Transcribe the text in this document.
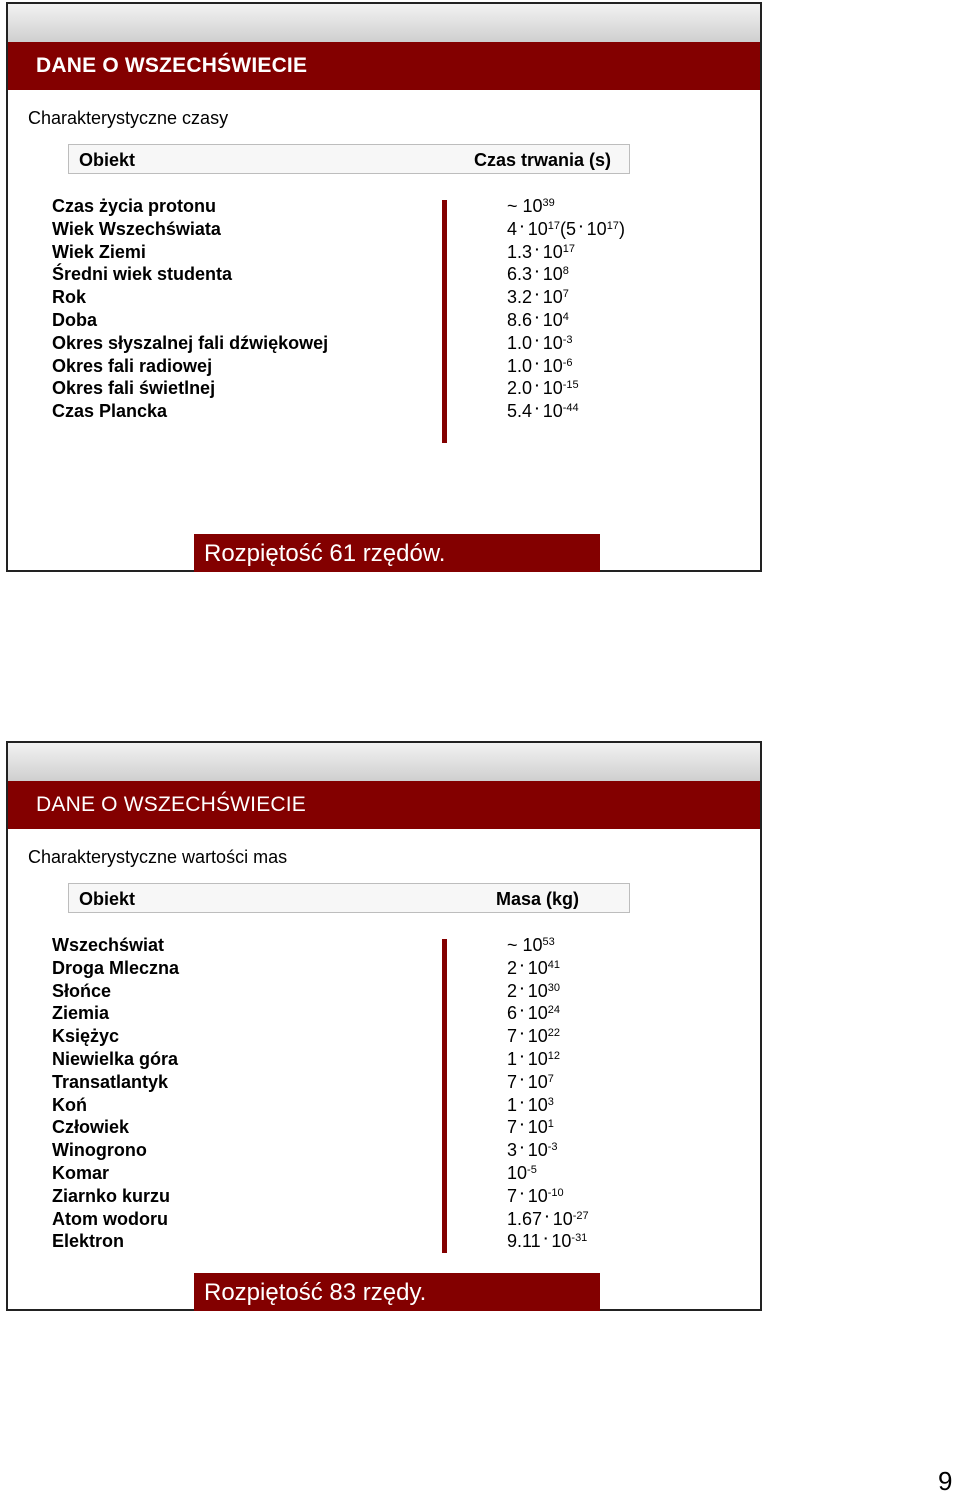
DANE O WSZECHŚWIECIE
Charakterystyczne czasy
Obiekt	Czas trwania (s)
Czas życia protonu	~ $10^{39}$
Wiek Wszechświata	4 · $10^{17}(5$ · $10^{17}$)
Wiek Ziemi	1.3 · $10^{17}$
Średni wiek studenta	6.3 · $10^8$
Rok	3.2 · $10^7$
Doba	8.6 · $10^4$
Okres słyszalnej fali dźwiękowej	1.0 · $10^{-3}$
Okres fali radiowej	1.0 · $10^{-6}$
Okres fali świetlnej	2.0 · $10^{-15}$
Czas Plancka	5.4 · $10^{-44}$
Rozpiętość 61 rzędów.
DANE O WSZECHŚWIECIE
Charakterystyczne wartości mas
Obiekt	Masa (kg)
Wszechświat	~ $10^{53}$
Droga Mleczna	2 · $10^{41}$
Słońce	2 · $10^{30}$
Ziemia	6 · $10^{24}$
Księżyc	7 · $10^{22}$
Niewielka góra	1 · $10^{12}$
Transatlantyk	7 · $10^7$
Koń	1 · $10^3$
Człowiek	7 · $10^1$
Winogrono	3 · $10^{-3}$
Komar	$10^{-5}$
Ziarnko kurzu	7 · $10^{-10}$
Atom wodoru	1.67 · $10^{-27}$
Elektron	9.11 · $10^{-31}$
Rozpiętość 83 rzędy.
9
